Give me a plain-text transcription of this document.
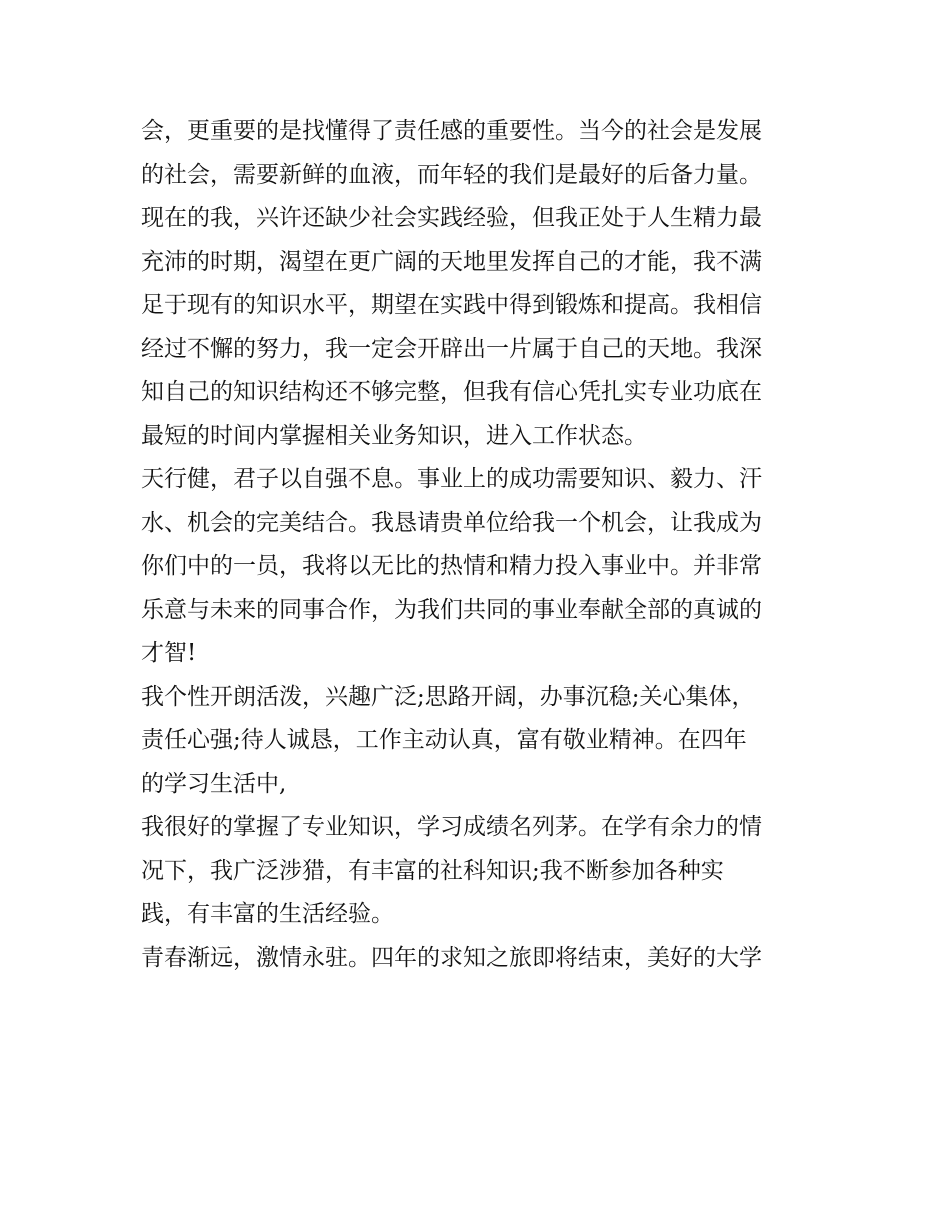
会，更重要的是找懂得了责任感的重要性。当今的社会是发展
的社会，需要新鲜的血液，而年轻的我们是最好的后备力量。
现在的我，兴许还缺少社会实践经验，但我正处于人生精力最
充沛的时期，渴望在更广阔的天地里发挥自己的才能，我不满
足于现有的知识水平，期望在实践中得到锻炼和提高。我相信
经过不懈的努力，我一定会开辟出一片属于自己的天地。我深
知自己的知识结构还不够完整，但我有信心凭扎实专业功底在
最短的时间内掌握相关业务知识，进入工作状态。
天行健，君子以自强不息。事业上的成功需要知识、毅力、汗
水、机会的完美结合。我恳请贵单位给我一个机会，让我成为
你们中的一员，我将以无比的热情和精力投入事业中。并非常
乐意与未来的同事合作，为我们共同的事业奉献全部的真诚的
才智!
我个性开朗活泼，兴趣广泛;思路开阔，办事沉稳;关心集体，
责任心强;待人诚恳，工作主动认真，富有敬业精神。在四年
的学习生活中,
我很好的掌握了专业知识，学习成绩名列茅。在学有余力的情
况下，我广泛涉猎，有丰富的社科知识;我不断参加各种实
践，有丰富的生活经验。
青春渐远，激情永驻。四年的求知之旅即将结束，美好的大学
